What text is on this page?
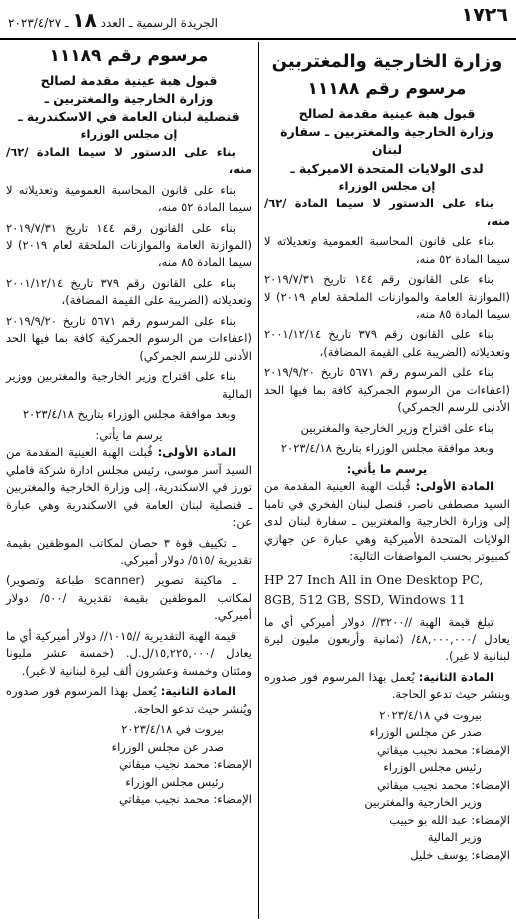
١٧٢٦
الجريدة الرسمية ـ العدد ١٨ ـ ٢٠٢٣/٤/٢٧
وزارة الخارجية والمغتربين
مرسوم رقم ١١١٨٨
قبول هبة عينية مقدمة لصالح
وزارة الخارجية والمغتربين ـ سفارة لبنان
لدى الولايات المتحدة الاميركية ـ
إن مجلس الوزراء
بناء على الدستور لا سيما المادة /٦٢/ منه،
بناء على قانون المحاسبة العمومية وتعديلاته لا سيما المادة ٥٢ منه،
بناء على القانون رقم ١٤٤ تاريخ ٢٠١٩/٧/٣١ (الموازنة العامة والموازنات الملحقة لعام ٢٠١٩) لا سيما المادة ٨٥ منه،
بناء على القانون رقم ٣٧٩ تاريخ ٢٠٠١/١٢/١٤ وتعديلاته (الضريبة على القيمة المضافة)،
بناء على المرسوم رقم ٥٦٧١ تاريخ ٢٠١٩/٩/٢٠ (اعفاءات من الرسوم الجمركية كافة بما فيها الحد الأدنى للرسم الجمركي)
بناء على اقتراح وزير الخارجية والمغتربين
وبعد موافقة مجلس الوزراء بتاريخ ٢٠٢٣/٤/١٨
يرسم ما يأتي:
المادة الأولى: قُبلت الهبة العينية المقدمة من السيد مصطفى ناصر، قنصل لبنان الفخري في تامبا إلى وزارة الخارجية والمغتربين ـ سفارة لبنان لدى الولايات المتحدة الأميركية وهي عبارة عن جهازي كمبيوتر بحسب المواصفات التالية:
HP 27 Inch All in One Desktop PC, 8GB, 512 GB, SSD, Windows 11
تبلغ قيمة الهبة //٣٢٠٠// دولار أميركي أي ما يعادل /٤٨,٠٠٠,٠٠٠/ (ثمانية وأربعون مليون ليرة لبنانية لا غير).
المادة الثانية: يُعمل بهذا المرسوم فور صدوره وينشر حيث تدعو الحاجة.
بيروت في ٢٠٢٣/٤/١٨
صدر عن مجلس الوزراء
الإمضاء: محمد نجيب ميقاتي
رئيس مجلس الوزراء
الإمضاء: محمد نجيب ميقاتي
وزير الخارجية والمغتربين
الإمضاء: عبد الله بو حبيب
وزير المالية
الإمضاء: يوسف خليل
مرسوم رقم ١١١٨٩
قبول هبة عينية مقدمة لصالح
وزارة الخارجية والمغتربين ـ
قنصلية لبنان العامة في الاسكندرية ـ
إن مجلس الوزراء
بناء على الدستور لا سيما المادة /٦٢/ منه،
بناء على قانون المحاسبة العمومية وتعديلاته لا سيما المادة ٥٢ منه،
بناء على القانون رقم ١٤٤ تاريخ ٢٠١٩/٧/٣١ (الموازنة العامة والموازنات الملحقة لعام ٢٠١٩) لا سيما المادة ٨٥ منه،
بناء على القانون رقم ٣٧٩ تاريخ ٢٠٠١/١٢/١٤ وتعديلاته (الضريبة على القيمة المضافة)،
بناء على المرسوم رقم ٥٦٧١ تاريخ ٢٠١٩/٩/٢٠ (اعفاءات من الرسوم الجمركية كافة بما فيها الحد الأدنى للرسم الجمركي)
بناء على اقتراح وزير الخارجية والمغتربين ووزير المالية
وبعد موافقة مجلس الوزراء بتاريخ ٢٠٢٣/٤/١٨
يرسم ما يأتي:
المادة الأولى: قُبلت الهبة العينية المقدمة من السيد آسر موسى، رئيس مجلس ادارة شركة فاملي تورز في الاسكندرية، إلى وزارة الخارجية والمغتربين ـ قنصلية لبنان العامة في الاسكندرية وهي عبارة عن:
ـ تكييف قوة ٣ حصان لمكاتب الموظفين بقيمة تقديرية /٥١٥/ دولار أميركي.
ـ ماكينة تصوير (scanner طباعة وتصوير) لمكاتب الموظفين بقيمة تقديرية /٥٠٠/ دولار أميركي.
قيمة الهبة التقديرية //١٠١٥// دولار أميركية أي ما يعادل /١٥,٢٢٥,٠٠٠/ل.ل. (خمسة عشر مليونا ومئتان وخمسة وعشرون ألف ليرة لبنانية لا غير).
المادة الثانية: يُعمل بهذا المرسوم فور صدوره ويُنشر حيث تدعو الحاجة.
بيروت في ٢٠٢٣/٤/١٨
صدر عن مجلس الوزراء
الإمضاء: محمد نجيب ميقاتي
رئيس مجلس الوزراء
الإمضاء: محمد نجيب ميقاتي
